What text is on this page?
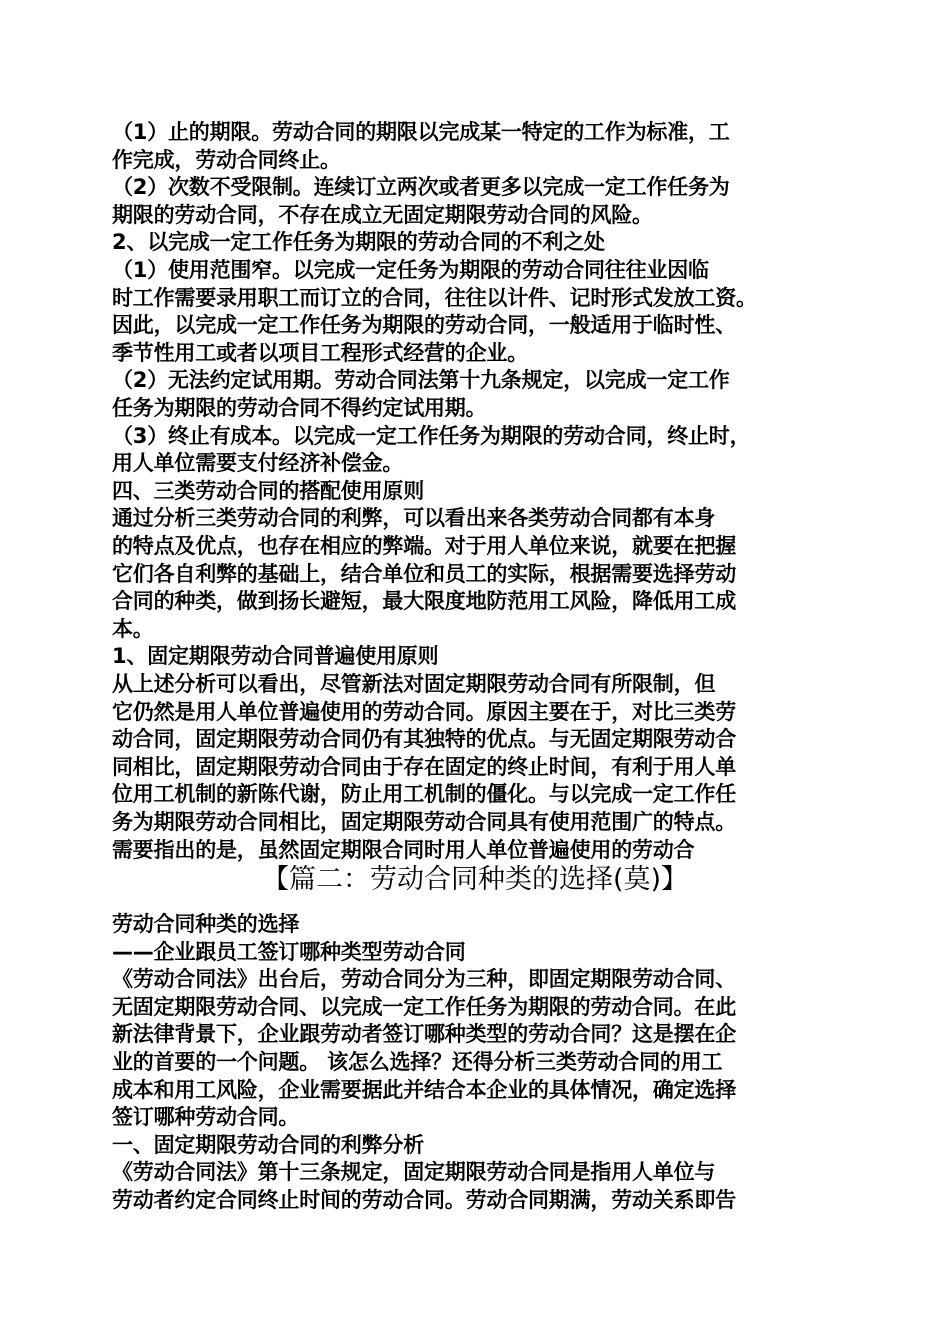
（1）止的期限。劳动合同的期限以完成某一特定的工作为标准，工
作完成，劳动合同终止。
（2）次数不受限制。连续订立两次或者更多以完成一定工作任务为
期限的劳动合同，不存在成立无固定期限劳动合同的风险。
2、以完成一定工作任务为期限的劳动合同的不利之处
（1）使用范围窄。以完成一定任务为期限的劳动合同往往业因临
时工作需要录用职工而订立的合同，往往以计件、记时形式发放工资。
因此，以完成一定工作任务为期限的劳动合同，一般适用于临时性、
季节性用工或者以项目工程形式经营的企业。
（2）无法约定试用期。劳动合同法第十九条规定，以完成一定工作
任务为期限的劳动合同不得约定试用期。
（3）终止有成本。以完成一定工作任务为期限的劳动合同，终止时，
用人单位需要支付经济补偿金。
四、三类劳动合同的搭配使用原则
通过分析三类劳动合同的利弊，可以看出来各类劳动合同都有本身
的特点及优点，也存在相应的弊端。对于用人单位来说，就要在把握
它们各自利弊的基础上，结合单位和员工的实际，根据需要选择劳动
合同的种类，做到扬长避短，最大限度地防范用工风险，降低用工成
本。
1、固定期限劳动合同普遍使用原则
从上述分析可以看出，尽管新法对固定期限劳动合同有所限制，但
它仍然是用人单位普遍使用的劳动合同。原因主要在于，对比三类劳
动合同，固定期限劳动合同仍有其独特的优点。与无固定期限劳动合
同相比，固定期限劳动合同由于存在固定的终止时间，有利于用人单
位用工机制的新陈代谢，防止用工机制的僵化。与以完成一定工作任
务为期限劳动合同相比，固定期限劳动合同具有使用范围广的特点。
需要指出的是，虽然固定期限合同时用人单位普遍使用的劳动合
【篇二：劳动合同种类的选择(莫)】
劳动合同种类的选择
——企业跟员工签订哪种类型劳动合同
《劳动合同法》出台后，劳动合同分为三种，即固定期限劳动合同、
无固定期限劳动合同、以完成一定工作任务为期限的劳动合同。在此
新法律背景下，企业跟劳动者签订哪种类型的劳动合同？这是摆在企
业的首要的一个问题。 该怎么选择？还得分析三类劳动合同的用工
成本和用工风险，企业需要据此并结合本企业的具体情况，确定选择
签订哪种劳动合同。
一、固定期限劳动合同的利弊分析
《劳动合同法》第十三条规定，固定期限劳动合同是指用人单位与
劳动者约定合同终止时间的劳动合同。劳动合同期满，劳动关系即告
